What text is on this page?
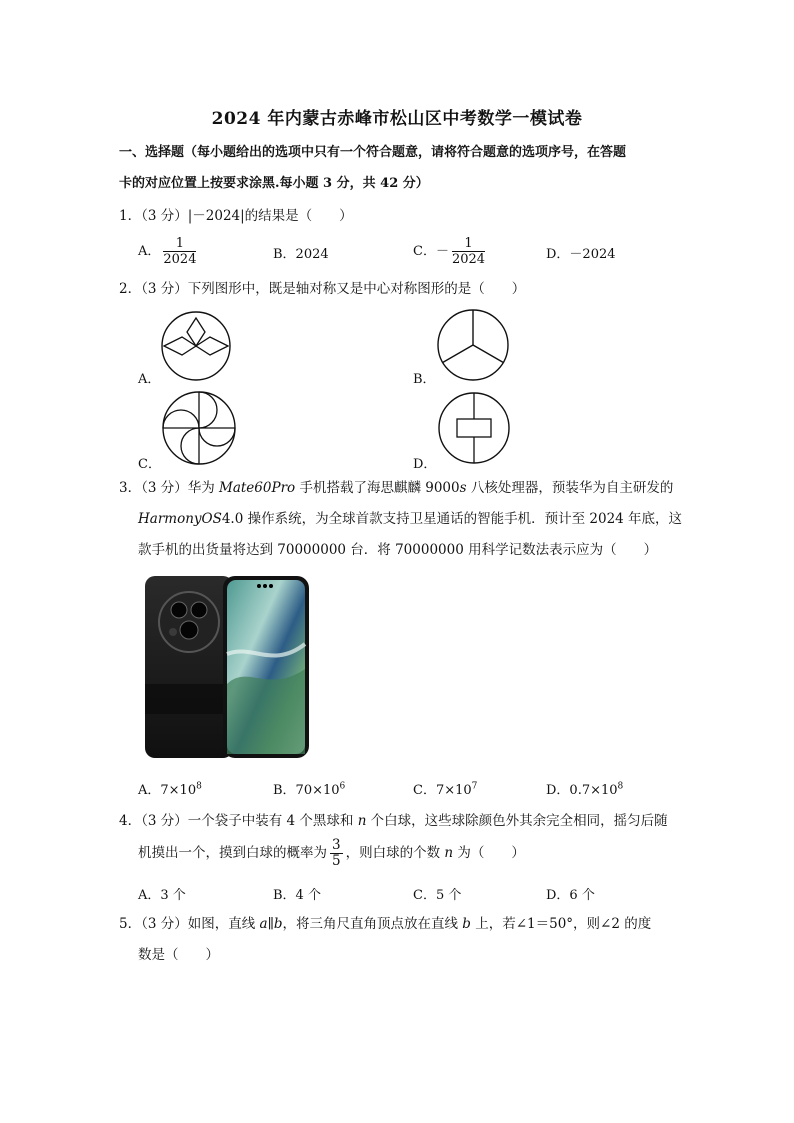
2024 年内蒙古赤峰市松山区中考数学一模试卷
一、选择题（每小题给出的选项中只有一个符合题意，请将符合题意的选项序号，在答题
卡的对应位置上按要求涂黑.每小题 3 分，共 42 分）
1．（3 分）|－2024|的结果是（　　）
A． $\frac{1}{2024}$	B．2024	C．－ $\frac{1}{2024}$	D．－2024
2．（3 分）下列图形中，既是轴对称又是中心对称图形的是（　　）
A．	B．
C．	D．
3．（3 分）华为 Mate60Pro 手机搭载了海思麒麟 9000s 八核处理器，预装华为自主研发的
HarmonyOS4.0 操作系统，为全球首款支持卫星通话的智能手机．预计至 2024 年底，这
款手机的出货量将达到 70000000 台．将 70000000 用科学记数法表示应为（　　）
A．$7\times 10^8$	B．$70\times 10^6$	C．$7\times 10^7$	D．$0.7\times 10^8$
4．（3 分）一个袋子中装有 4 个黑球和 n 个白球，这些球除颜色外其余完全相同，摇匀后随
机摸出一个，摸到白球的概率为 $\frac{3}{5}$ ，则白球的个数 n 为（　　）
A．3 个	B．4 个	C．5 个	D．6 个
5．（3 分）如图，直线 a∥b，将三角尺直角顶点放在直线 b 上，若∠1＝50°，则∠2 的度
数是（　　）
